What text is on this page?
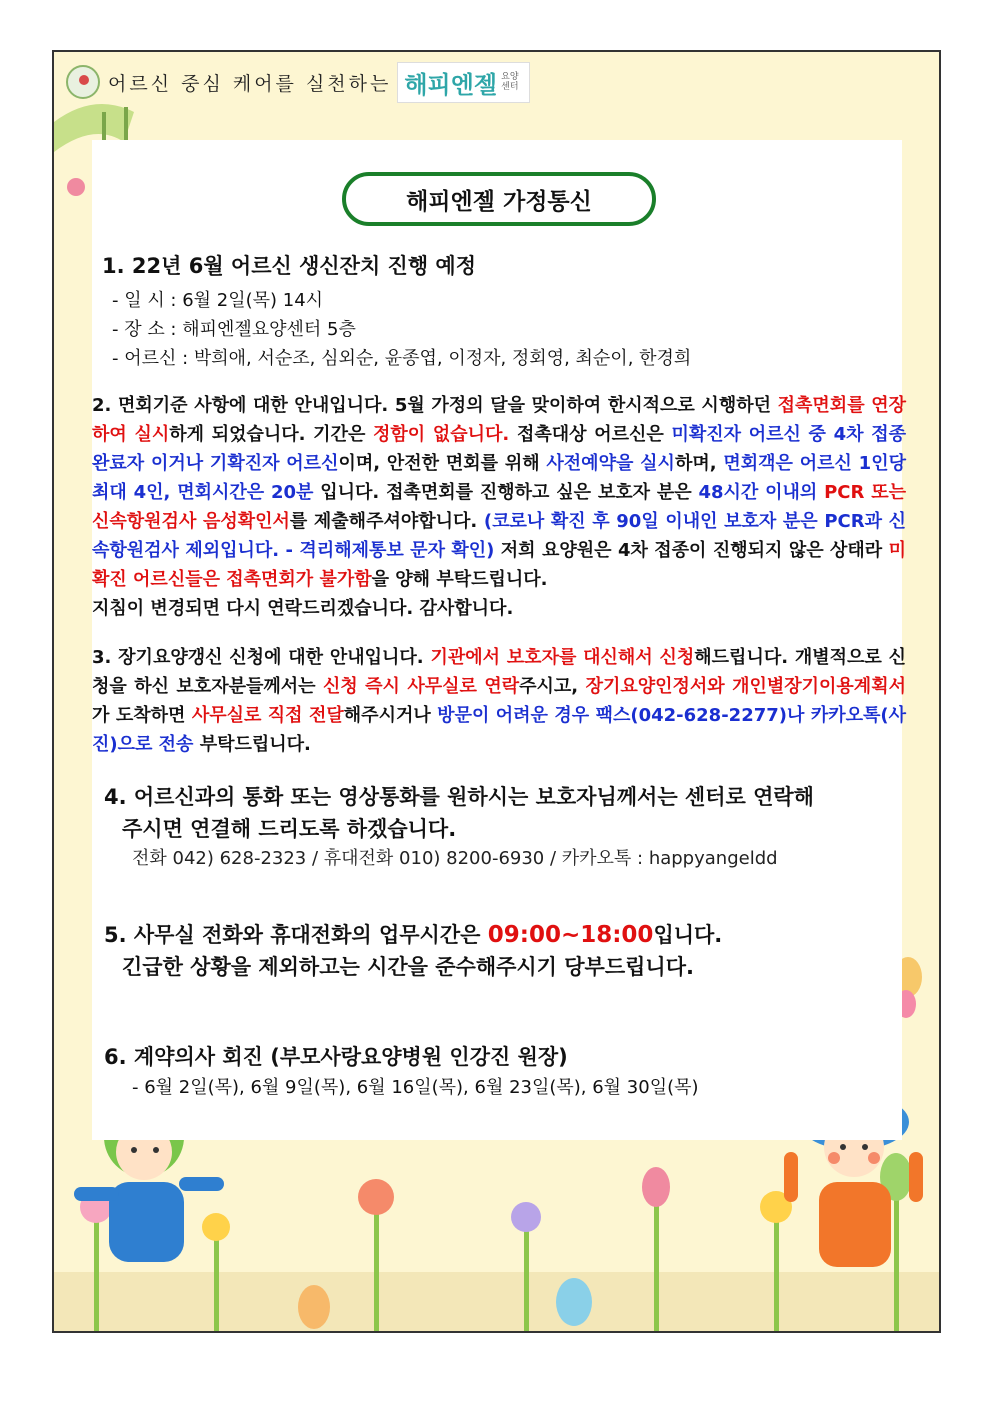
어르신 중심 케어를 실천하는 해피엔젤 요양 센터
해피엔젤 가정통신
1. 22년 6월 어르신 생신잔치 진행 예정
- 일 시 : 6월 2일(목) 14시
- 장 소 : 해피엔젤요양센터 5층
- 어르신 : 박희애, 서순조, 심외순, 윤종엽, 이정자, 정회영, 최순이, 한경희
2. 면회기준 사항에 대한 안내입니다. 5월 가정의 달을 맞이하여 한시적으로 시행하던 접촉면회를 연장하여 실시하게 되었습니다. 기간은 정함이 없습니다. 접촉대상 어르신은 미확진자 어르신 중 4차 접종완료자 이거나 기확진자 어르신이며, 안전한 면회를 위해 사전예약을 실시하며, 면회객은 어르신 1인당 최대 4인, 면회시간은 20분 입니다. 접촉면회를 진행하고 싶은 보호자 분은 48시간 이내의 PCR 또는 신속항원검사 음성확인서를 제출해주셔야합니다. (코로나 확진 후 90일 이내인 보호자 분은 PCR과 신속항원검사 제외입니다. - 격리해제통보 문자 확인) 저희 요양원은 4차 접종이 진행되지 않은 상태라 미확진 어르신들은 접촉면회가 불가함을 양해 부탁드립니다.
지침이 변경되면 다시 연락드리겠습니다. 감사합니다.
3. 장기요양갱신 신청에 대한 안내입니다. 기관에서 보호자를 대신해서 신청해드립니다. 개별적으로 신청을 하신 보호자분들께서는 신청 즉시 사무실로 연락주시고, 장기요양인정서와 개인별장기이용계획서가 도착하면 사무실로 직접 전달해주시거나 방문이 어려운 경우 팩스(042-628-2277)나 카카오톡(사진)으로 전송 부탁드립니다.
4. 어르신과의 통화 또는 영상통화를 원하시는 보호자님께서는 센터로 연락해
주시면 연결해 드리도록 하겠습니다.
전화 042) 628-2323 / 휴대전화 010) 8200-6930 / 카카오톡 : happyangeldd
5. 사무실 전화와 휴대전화의 업무시간은 09:00~18:00입니다.
긴급한 상황을 제외하고는 시간을 준수해주시기 당부드립니다.
6. 계약의사 회진 (부모사랑요양병원 인강진 원장)
- 6월 2일(목), 6월 9일(목), 6월 16일(목), 6월 23일(목), 6월 30일(목)
